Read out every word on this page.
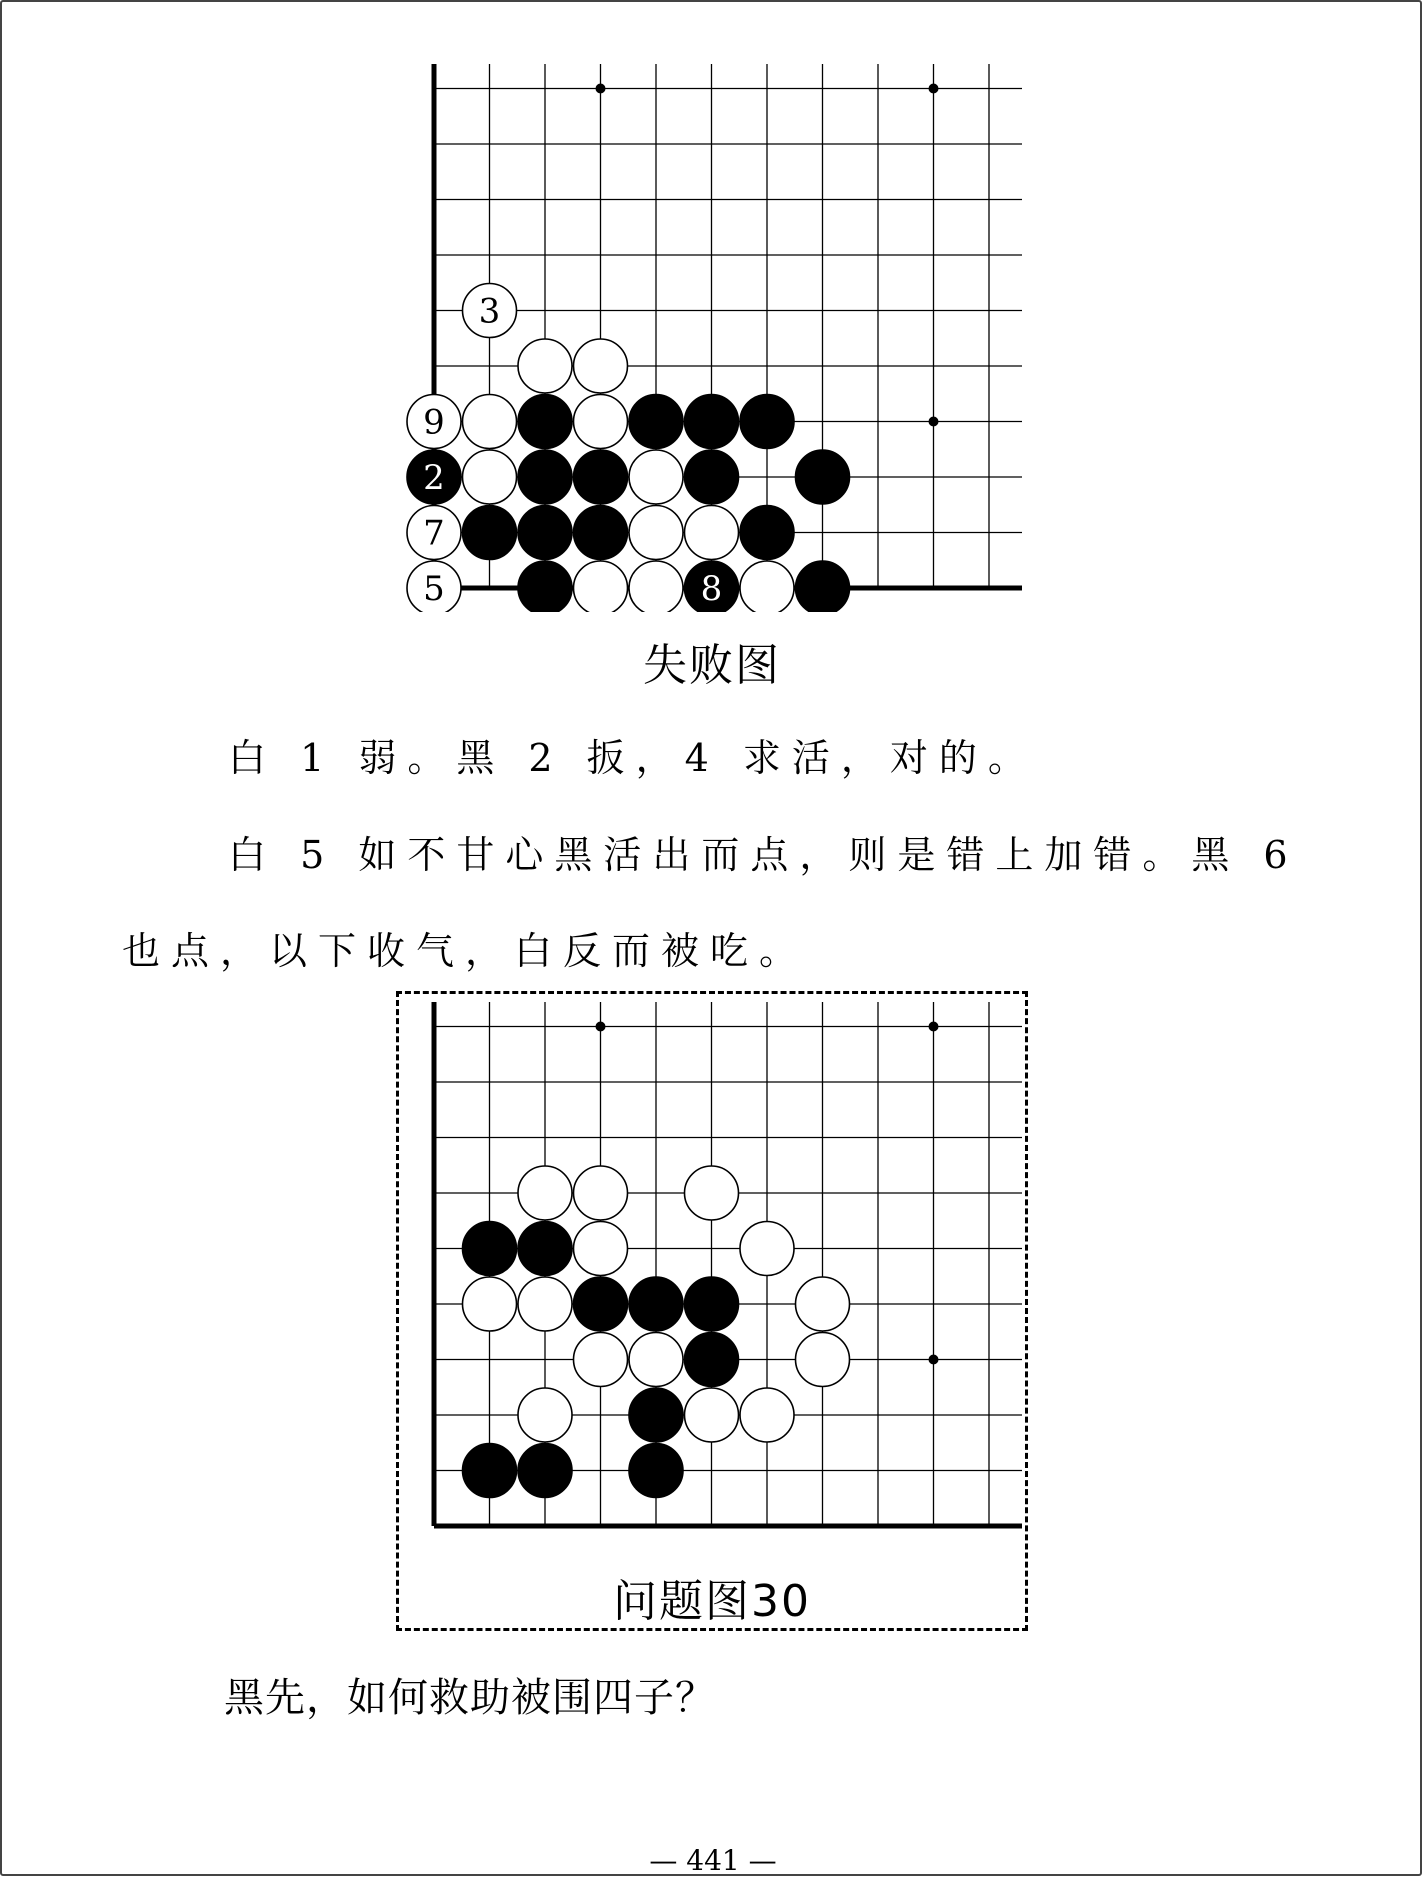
3
9
2
7
5	8
失败图
白 1 弱。黑 2 扳，4 求活，对的。
白 5 如不甘心黑活出而点，则是错上加错。黑 6
也点，以下收气，白反而被吃。
问题图30
黑先，如何救助被围四子？
— 441 —
